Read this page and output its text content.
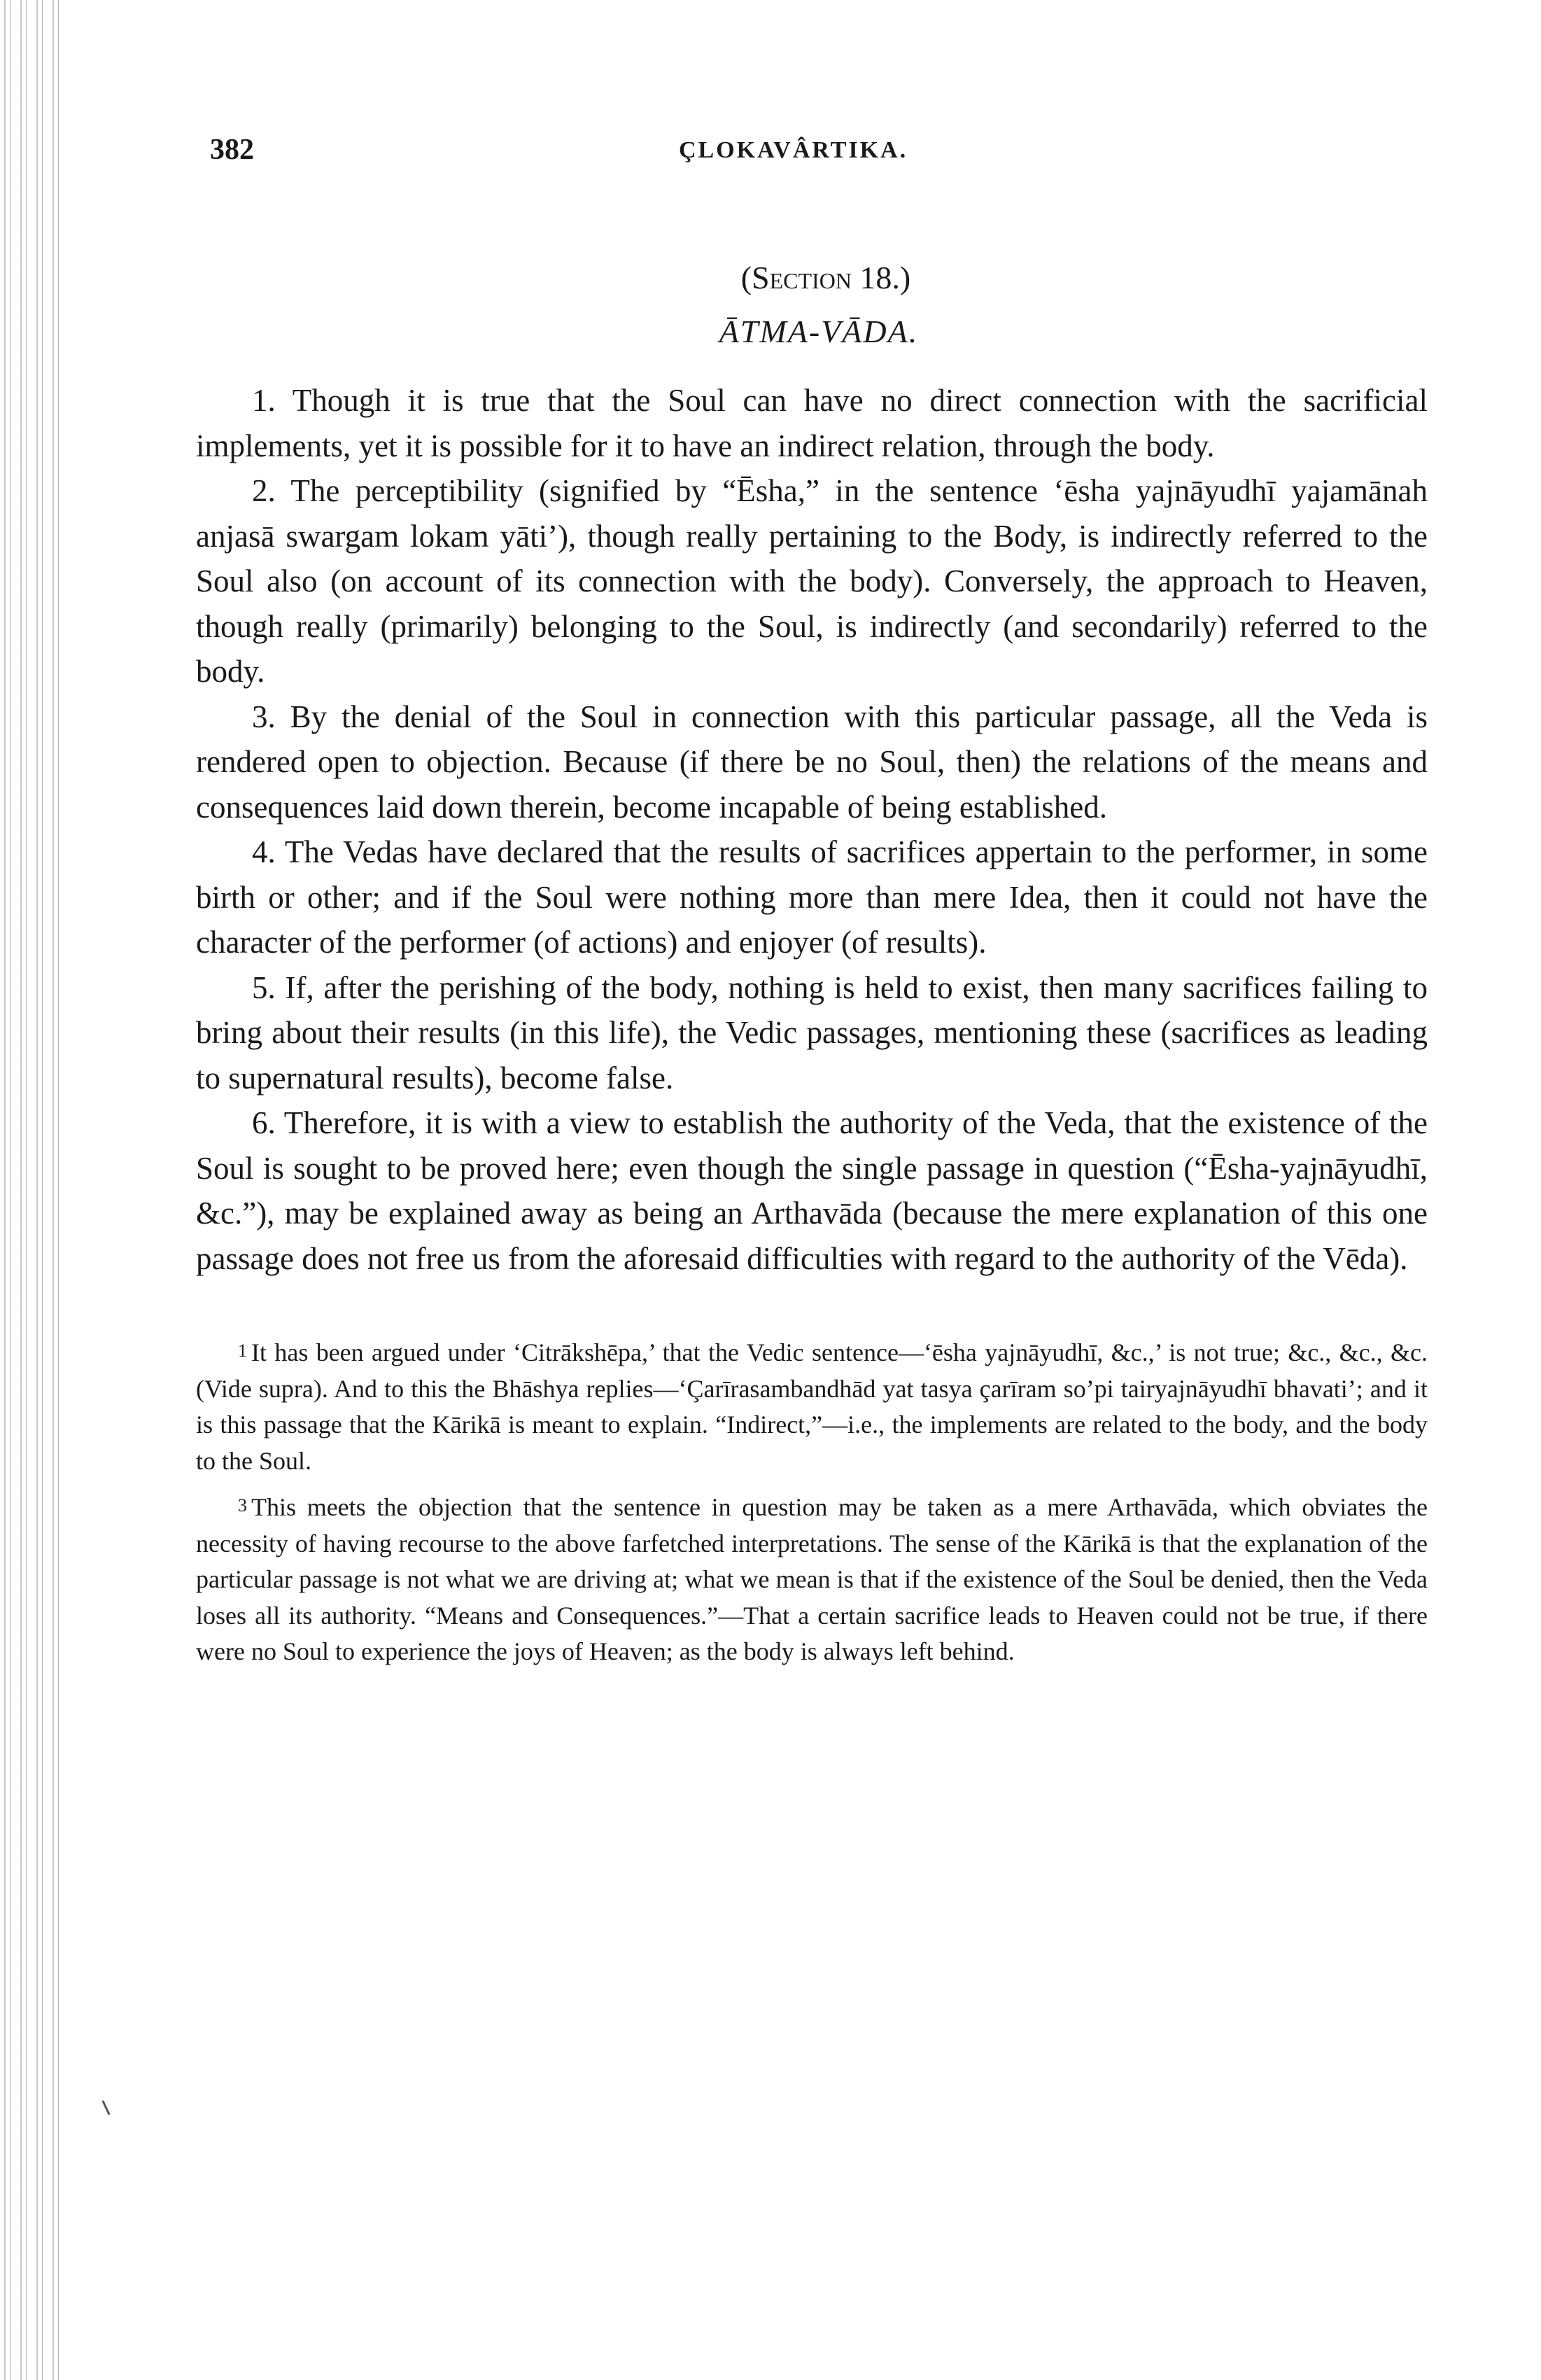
382	ÇLOKAVÂRTIKA.
(Section 18.)
ĀTMA-VĀDA.

1. Though it is true that the Soul can have no direct connection with the sacrificial implements, yet it is possible for it to have an indirect relation, through the body.

2. The perceptibility (signified by “Ēsha,” in the sentence ‘ēsha yajnāyudhī yajamānah anjasā swargam lokam yāti’), though really pertaining to the Body, is indirectly referred to the Soul also (on account of its connection with the body). Conversely, the approach to Heaven, though really (primarily) belonging to the Soul, is indirectly (and secondarily) referred to the body.

3. By the denial of the Soul in connection with this particular passage, all the Veda is rendered open to objection. Because (if there be no Soul, then) the relations of the means and consequences laid down therein, become incapable of being established.

4. The Vedas have declared that the results of sacrifices appertain to the performer, in some birth or other; and if the Soul were nothing more than mere Idea, then it could not have the character of the performer (of actions) and enjoyer (of results).

5. If, after the perishing of the body, nothing is held to exist, then many sacrifices failing to bring about their results (in this life), the Vedic passages, mentioning these (sacrifices as leading to supernatural results), become false.

6. Therefore, it is with a view to establish the authority of the Veda, that the existence of the Soul is sought to be proved here; even though the single passage in question (“Ēsha-yajnāyudhī, &c.”), may be explained away as being an Arthavāda (because the mere explanation of this one passage does not free us from the aforesaid difficulties with regard to the authority of the Vēda).

1 It has been argued under ‘Citrākshēpa,’ that the Vedic sentence—‘ēsha yajnāyudhī, &c.,’ is not true; &c., &c., &c. (Vide supra). And to this the Bhāshya replies—‘Çarīrasambandhād yat tasya çarīram so’pi tairyajnāyudhī bhavati’; and it is this passage that the Kārikā is meant to explain. “Indirect,”—i.e., the implements are related to the body, and the body to the Soul.

3 This meets the objection that the sentence in question may be taken as a mere Arthavāda, which obviates the necessity of having recourse to the above farfetched interpretations. The sense of the Kārikā is that the explanation of the particular passage is not what we are driving at; what we mean is that if the existence of the Soul be denied, then the Veda loses all its authority. “Means and Consequences.”—That a certain sacrifice leads to Heaven could not be true, if there were no Soul to experience the joys of Heaven; as the body is always left behind.
